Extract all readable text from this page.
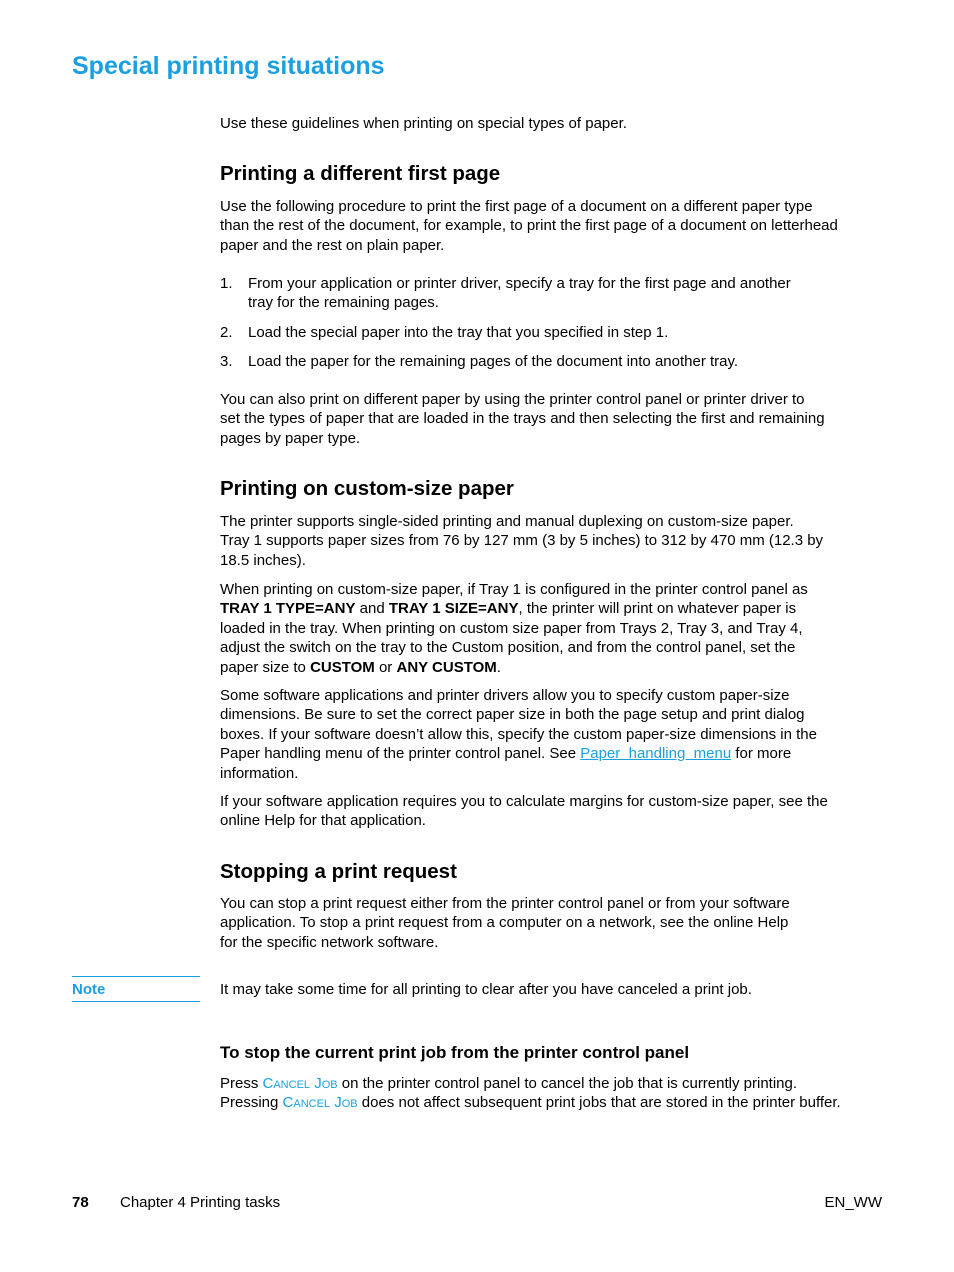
Special printing situations
Use these guidelines when printing on special types of paper.
Printing a different first page
Use the following procedure to print the first page of a document on a different paper type
than the rest of the document, for example, to print the first page of a document on letterhead
paper and the rest on plain paper.
1. From your application or printer driver, specify a tray for the first page and another
tray for the remaining pages.
2. Load the special paper into the tray that you specified in step 1.
3. Load the paper for the remaining pages of the document into another tray.
You can also print on different paper by using the printer control panel or printer driver to
set the types of paper that are loaded in the trays and then selecting the first and remaining
pages by paper type.
Printing on custom-size paper
The printer supports single-sided printing and manual duplexing on custom-size paper.
Tray 1 supports paper sizes from 76 by 127 mm (3 by 5 inches) to 312 by 470 mm (12.3 by
18.5 inches).
When printing on custom-size paper, if Tray 1 is configured in the printer control panel as
TRAY 1 TYPE=ANY and TRAY 1 SIZE=ANY, the printer will print on whatever paper is
loaded in the tray. When printing on custom size paper from Trays 2, Tray 3, and Tray 4,
adjust the switch on the tray to the Custom position, and from the control panel, set the
paper size to CUSTOM or ANY CUSTOM.
Some software applications and printer drivers allow you to specify custom paper-size
dimensions. Be sure to set the correct paper size in both the page setup and print dialog
boxes. If your software doesn’t allow this, specify the custom paper-size dimensions in the
Paper handling menu of the printer control panel. See Paper  handling  menu for more
information.
If your software application requires you to calculate margins for custom-size paper, see the
online Help for that application.
Stopping a print request
You can stop a print request either from the printer control panel or from your software
application. To stop a print request from a computer on a network, see the online Help
for the specific network software.
Note	It may take some time for all printing to clear after you have canceled a print job.
To stop the current print job from the printer control panel
Press Cancel Job on the printer control panel to cancel the job that is currently printing.
Pressing Cancel Job does not affect subsequent print jobs that are stored in the printer buffer.
78 Chapter 4 Printing tasks	EN_WW
